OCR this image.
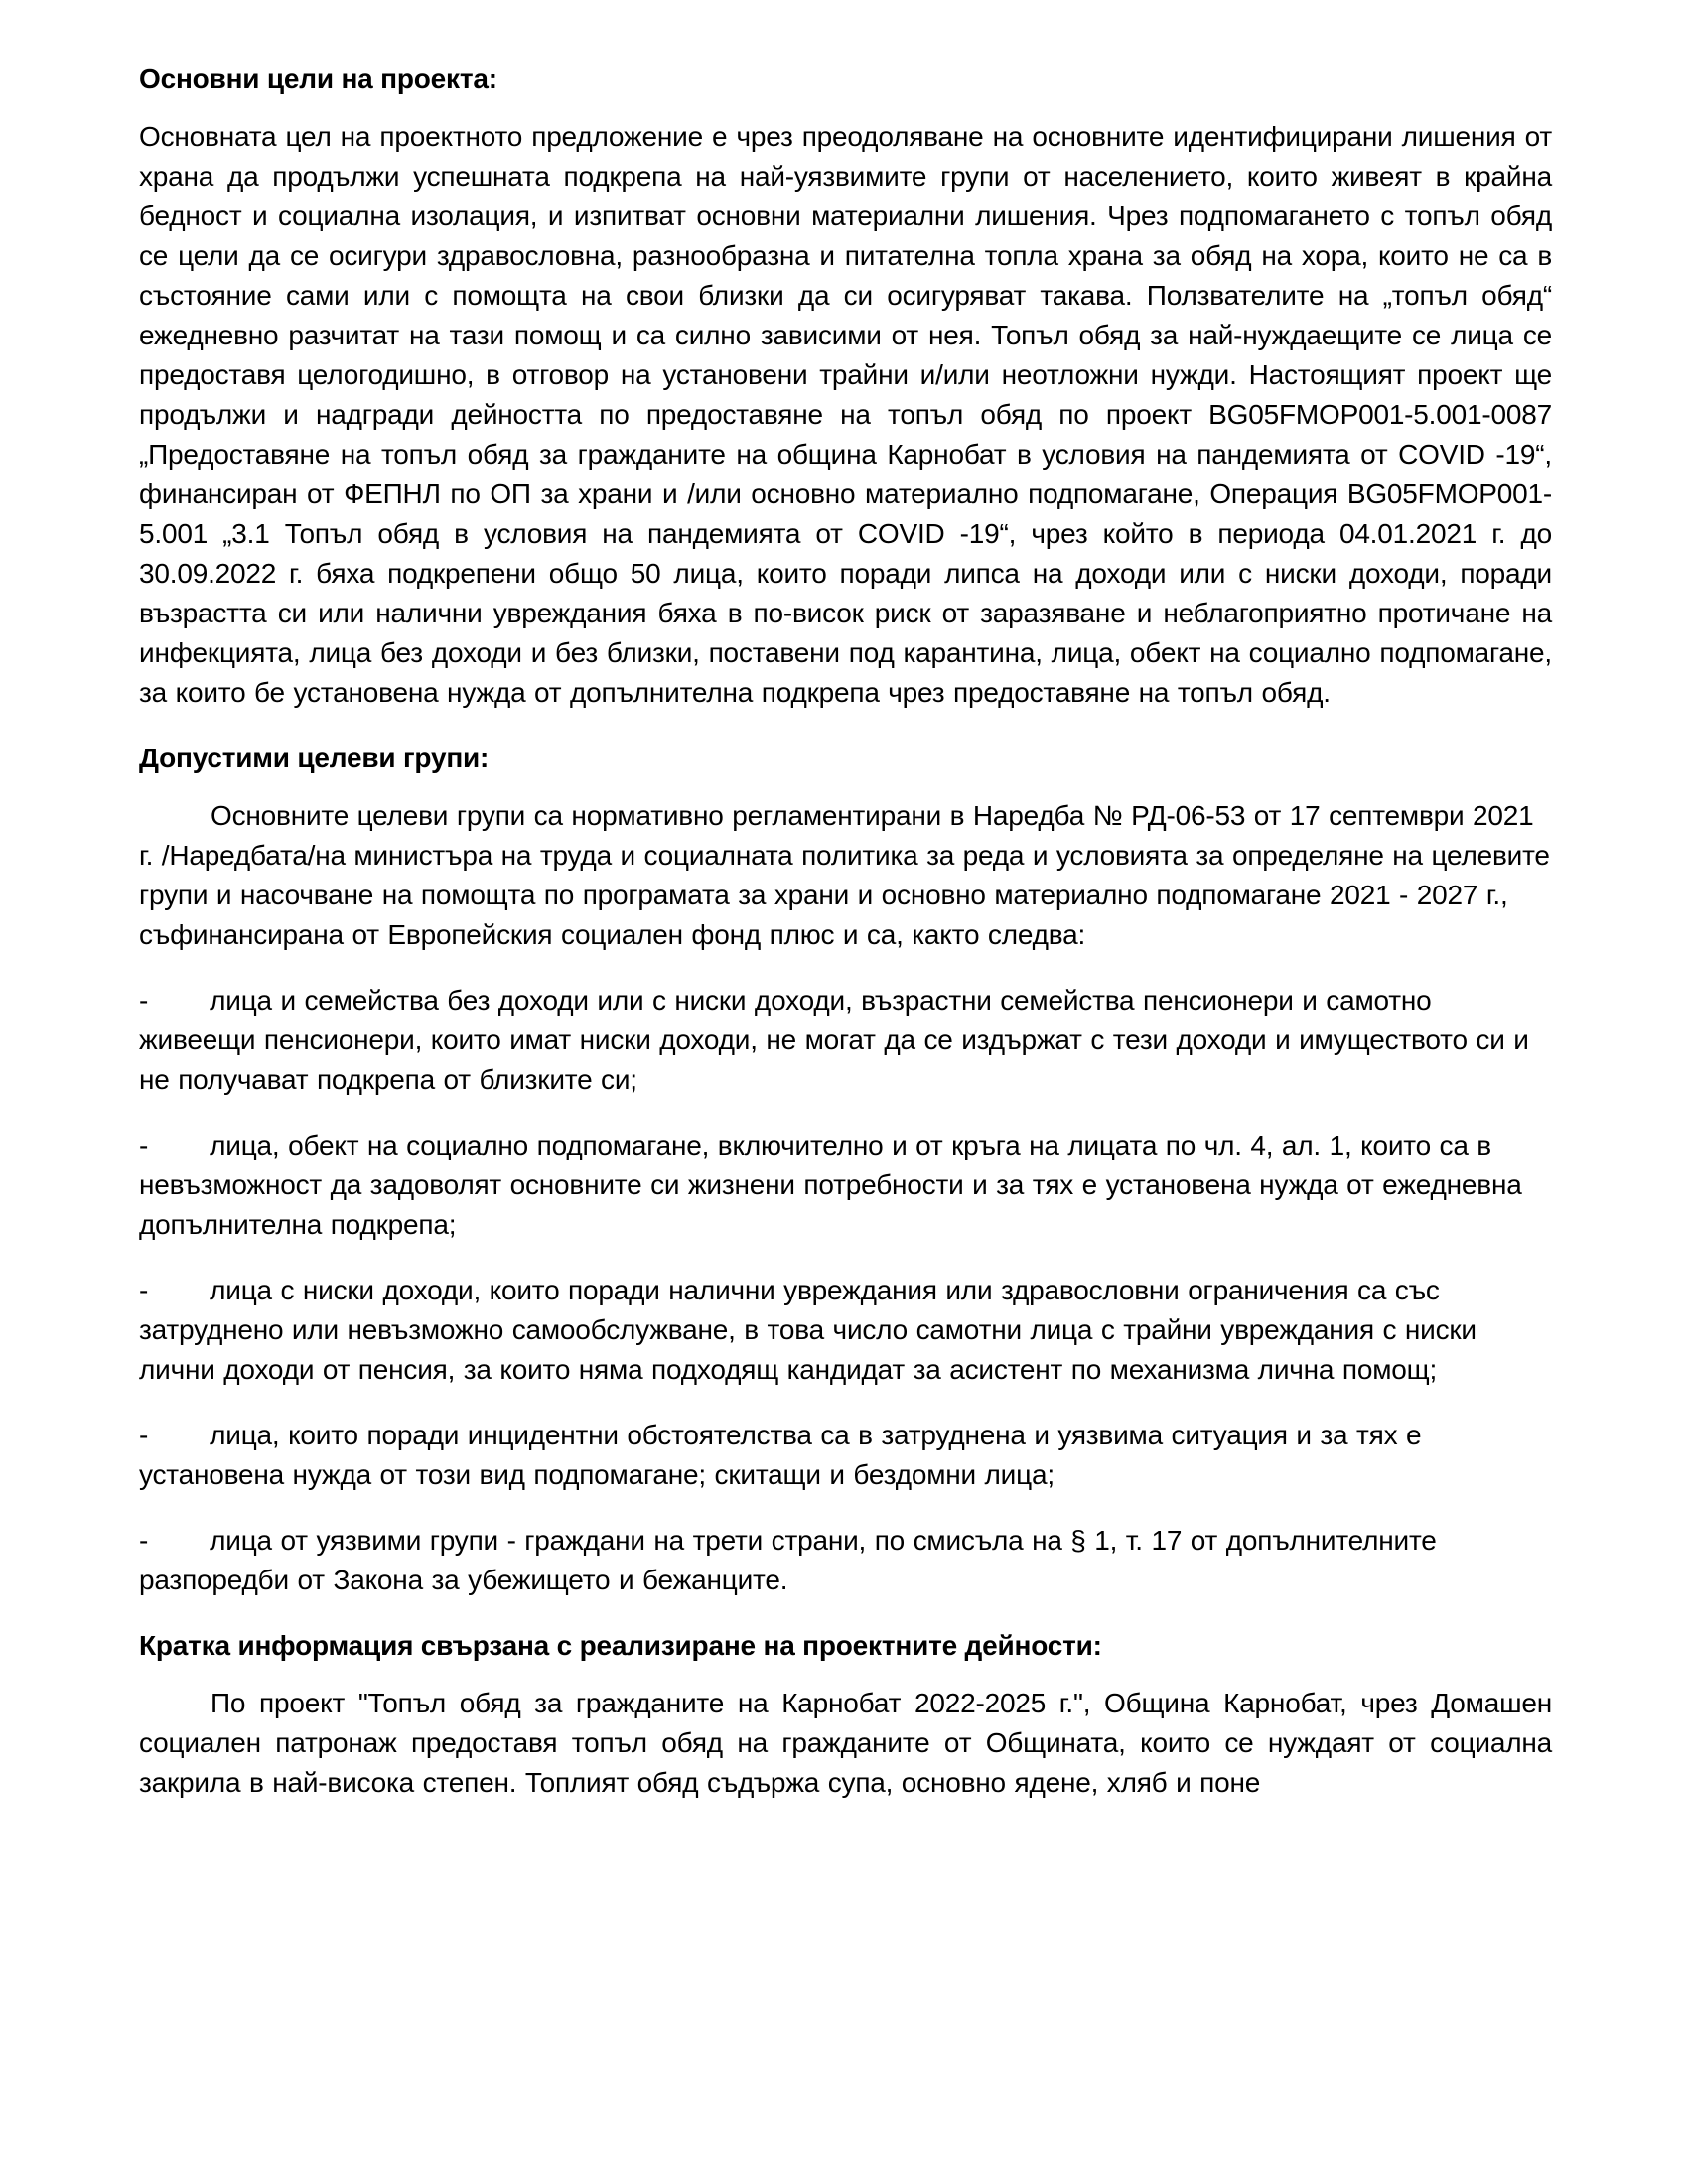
Основни цели на проекта:

Основната цел на проектното предложение е чрез преодоляване на основните идентифицирани лишения от храна да продължи успешната подкрепа на най-уязвимите групи от населението, които живеят в крайна бедност и социална изолация, и изпитват основни материални лишения. Чрез подпомагането с топъл обяд се цели да се осигури здравословна, разнообразна и питателна топла храна за обяд на хора, които не са в състояние сами или с помощта на свои близки да си осигуряват такава. Ползвателите на „топъл обяд“ ежедневно разчитат на тази помощ и са силно зависими от нея. Топъл обяд за най-нуждаещите се лица се предоставя целогодишно, в отговор на установени трайни и/или неотложни нужди. Настоящият проект ще продължи и надгради дейността по предоставяне на топъл обяд по проект BG05FMOP001-5.001-0087 „Предоставяне на топъл обяд за гражданите на община Карнобат в условия на пандемията от COVID -19“, финансиран от ФЕПНЛ по ОП за храни и /или основно материално подпомагане, Операция BG05FMOP001-5.001 „3.1 Топъл обяд в условия на пандемията от COVID -19“, чрез който в периода 04.01.2021 г. до 30.09.2022 г. бяха подкрепени общо 50 лица, които поради липса на доходи или с ниски доходи, поради възрастта си или налични увреждания бяха в по-висок риск от заразяване и неблагоприятно протичане на инфекцията, лица без доходи и без близки, поставени под карантина, лица, обект на социално подпомагане, за които бе установена нужда от допълнителна подкрепа чрез предоставяне на топъл обяд.

Допустими целеви групи:

Основните целеви групи са нормативно регламентирани в Наредба № РД-06-53 от 17 септември 2021 г. /Наредбата/на министъра на труда и социалната политика за реда и условията за определяне на целевите групи и насочване на помощта по програмата за храни и основно материално подпомагане 2021 - 2027 г., съфинансирана от Европейския социален фонд плюс и са, както следва:

- лица и семейства без доходи или с ниски доходи, възрастни семейства пенсионери и самотно живеещи пенсионери, които имат ниски доходи, не могат да се издържат с тези доходи и имуществото си и не получават подкрепа от близките си;

- лица, обект на социално подпомагане, включително и от кръга на лицата по чл. 4, ал. 1, които са в невъзможност да задоволят основните си жизнени потребности и за тях е установена нужда от ежедневна допълнителна подкрепа;

- лица с ниски доходи, които поради налични увреждания или здравословни ограничения са със затруднено или невъзможно самообслужване, в това число самотни лица с трайни увреждания с ниски лични доходи от пенсия, за които няма подходящ кандидат за асистент по механизма лична помощ;

- лица, които поради инцидентни обстоятелства са в затруднена и уязвима ситуация и за тях е установена нужда от този вид подпомагане; скитащи и бездомни лица;

- лица от уязвими групи - граждани на трети страни, по смисъла на § 1, т. 17 от допълнителните разпоредби от Закона за убежището и бежанците.

Кратка информация свързана с реализиране на проектните дейности:

По проект "Топъл обяд за гражданите на Карнобат 2022-2025 г.", Община Карнобат, чрез Домашен социален патронаж предоставя топъл обяд на гражданите от Общината, които се нуждаят от социална закрила в най-висока степен. Топлият обяд съдържа супа, основно ядене, хляб и поне
